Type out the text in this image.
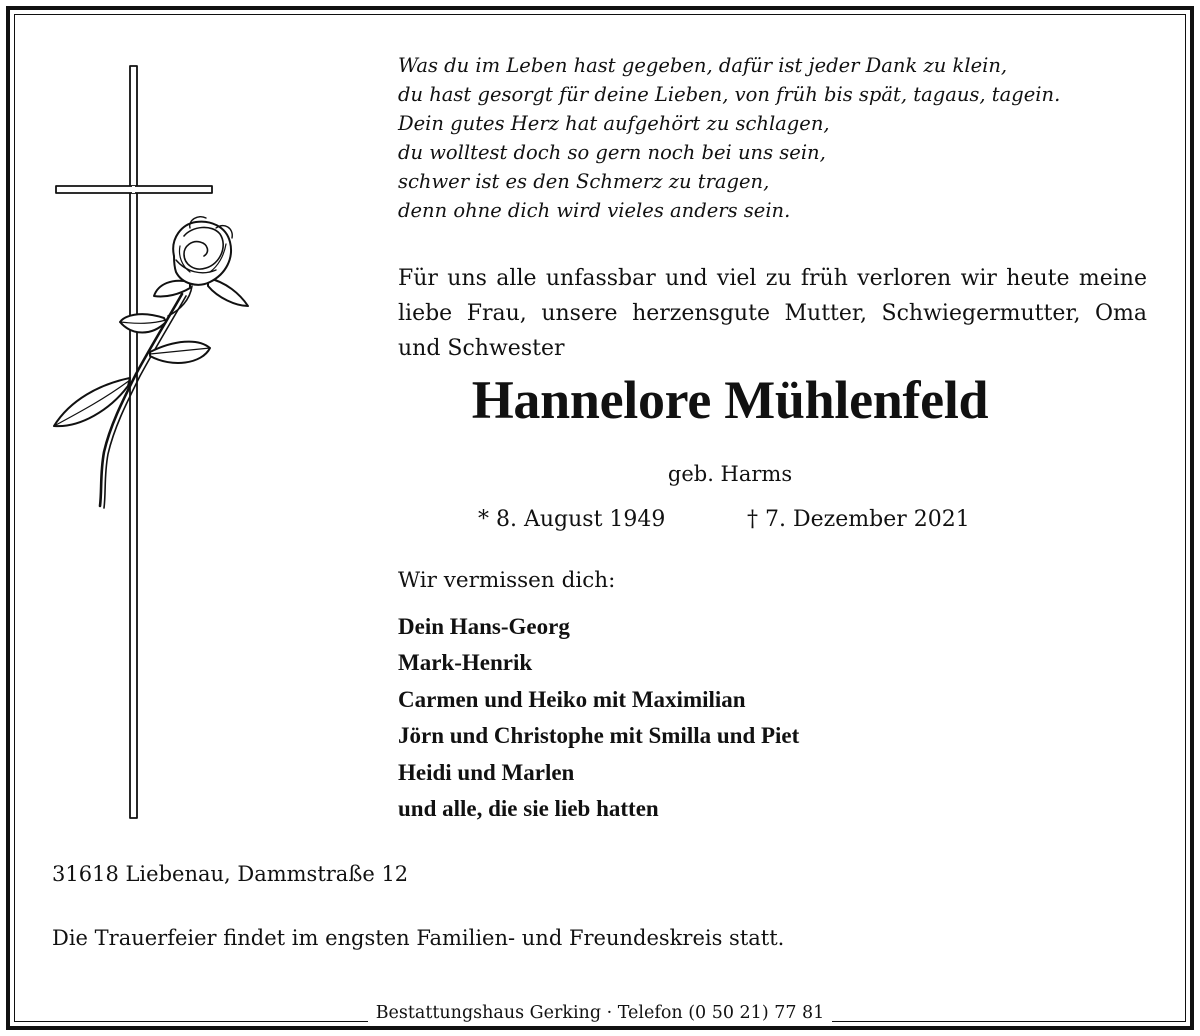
Was du im Leben hast gegeben, dafür ist jeder Dank zu klein,
du hast gesorgt für deine Lieben, von früh bis spät, tagaus, tagein.
Dein gutes Herz hat aufgehört zu schlagen,
du wolltest doch so gern noch bei uns sein,
schwer ist es den Schmerz zu tragen,
denn ohne dich wird vieles anders sein.

Für uns alle unfassbar und viel zu früh verloren wir heute meine liebe Frau, unsere herzensgute Mutter, Schwiegermutter, Oma und Schwester

Hannelore Mühlenfeld

geb. Harms

* 8. August 1949	† 7. Dezember 2021

Wir vermissen dich:

Dein Hans-Georg
Mark-Henrik
Carmen und Heiko mit Maximilian
Jörn und Christophe mit Smilla und Piet
Heidi und Marlen
und alle, die sie lieb hatten

31618 Liebenau, Dammstraße 12

Die Trauerfeier findet im engsten Familien- und Freundeskreis statt.

Bestattungshaus Gerking · Telefon (0 50 21) 77 81
